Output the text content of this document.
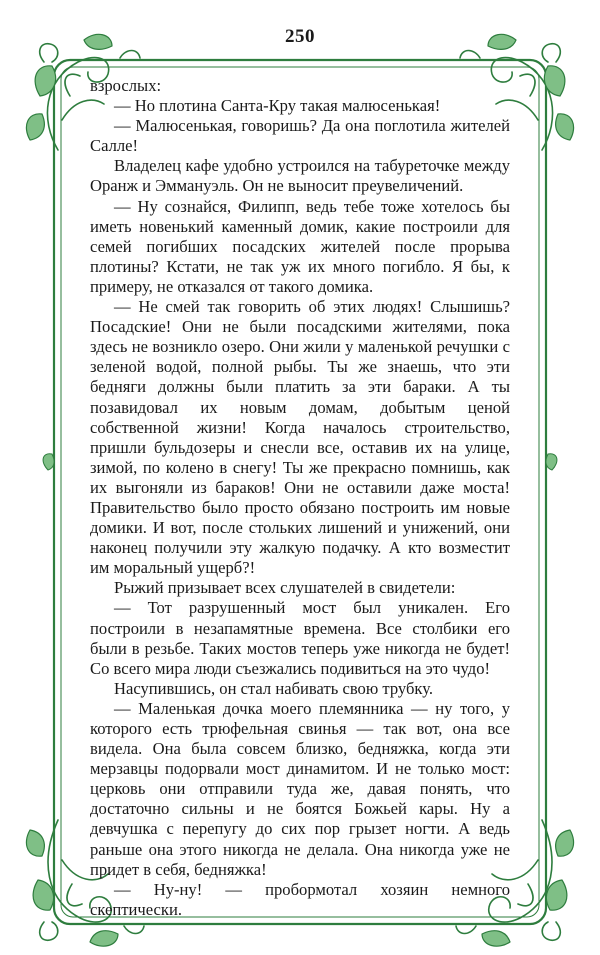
250

взрослых:

— Но плотина Санта-Кру такая малюсенькая!

— Малюсенькая, говоришь? Да она поглотила жителей Салле!

Владелец кафе удобно устроился на табуреточке между Оранж и Эммануэль. Он не выносит преувеличений.

— Ну сознайся, Филипп, ведь тебе тоже хотелось бы иметь новенький каменный домик, какие построили для семей погибших посадских жителей после прорыва плотины? Кстати, не так уж их много погибло. Я бы, к примеру, не отказался от такого домика.

— Не смей так говорить об этих людях! Слышишь? Посадские! Они не были посадскими жителями, пока здесь не возникло озеро. Они жили у маленькой речушки с зеленой водой, полной рыбы. Ты же знаешь, что эти бедняги должны были платить за эти бараки. А ты позавидовал их новым домам, добытым ценой собственной жизни! Когда началось строительство, пришли бульдозеры и снесли все, оставив их на улице, зимой, по колено в снегу! Ты же прекрасно помнишь, как их выгоняли из бараков! Они не оставили даже моста! Правительство было просто обязано построить им новые домики. И вот, после стольких лишений и унижений, они наконец получили эту жалкую подачку. А кто возместит им моральный ущерб?!

Рыжий призывает всех слушателей в свидетели:

— Тот разрушенный мост был уникален. Его построили в незапамятные времена. Все столбики его были в резьбе. Таких мостов теперь уже никогда не будет! Со всего мира люди съезжались подивиться на это чудо!

Насупившись, он стал набивать свою трубку.

— Маленькая дочка моего племянника — ну того, у которого есть трюфельная свинья — так вот, она все видела. Она была совсем близко, бедняжка, когда эти мерзавцы подорвали мост динамитом. И не только мост: церковь они отправили туда же, давая понять, что достаточно сильны и не боятся Божьей кары. Ну а девчушка с перепугу до сих пор грызет ногти. А ведь раньше она этого никогда не делала. Она никогда уже не придет в себя, бедняжка!

— Ну-ну! — пробормотал хозяин немного скептически.
